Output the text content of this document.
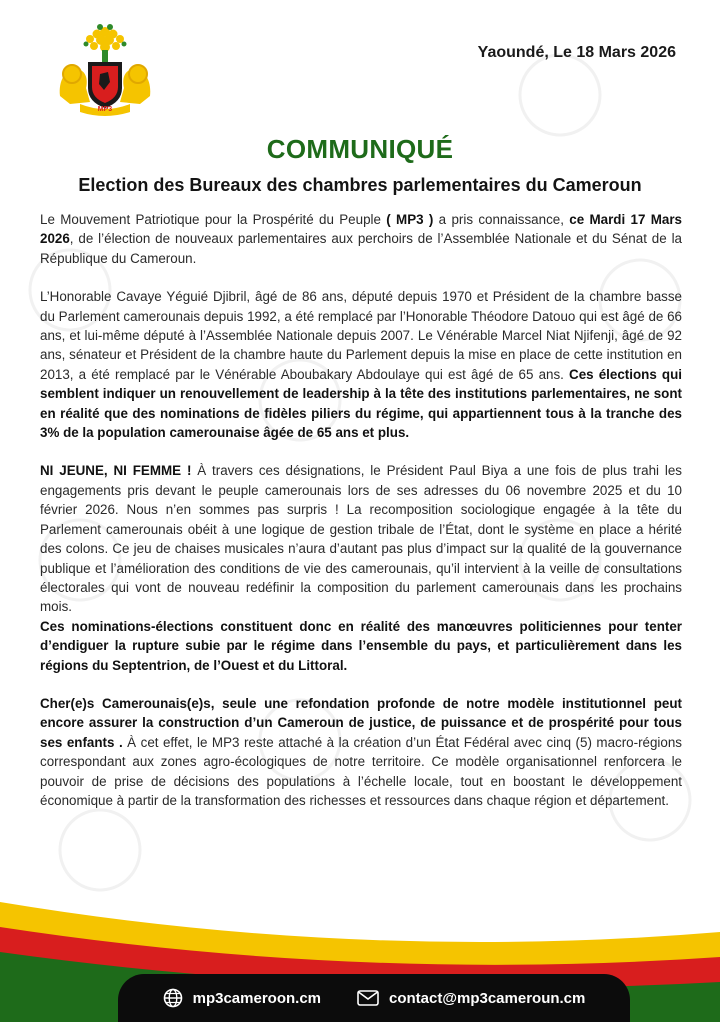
MP3
Yaoundé, Le 18 Mars 2026
COMMUNIQUÉ
Election des Bureaux des chambres parlementaires du Cameroun

Le Mouvement Patriotique pour la Prospérité du Peuple ( MP3 ) a pris connaissance, ce Mardi 17 Mars 2026, de l’élection de nouveaux parlementaires aux perchoirs de l’Assemblée Nationale et du Sénat de la République du Cameroun.

L’Honorable Cavaye Yéguié Djibril, âgé de 86 ans, député depuis 1970 et Président de la chambre basse du Parlement camerounais depuis 1992, a été remplacé par l’Honorable Théodore Datouo qui est âgé de 66 ans, et lui-même député à l’Assemblée Nationale depuis 2007. Le Vénérable Marcel Niat Njifenji, âgé de 92 ans, sénateur et Président de la chambre haute du Parlement depuis la mise en place de cette institution en 2013, a été remplacé par le Vénérable Aboubakary Abdoulaye qui est âgé de 65 ans. Ces élections qui semblent indiquer un renouvellement de leadership à la tête des institutions parlementaires, ne sont en réalité que des nominations de fidèles piliers du régime, qui appartiennent tous à la tranche des 3% de la population camerounaise âgée de 65 ans et plus.

NI JEUNE, NI FEMME ! À travers ces désignations, le Président Paul Biya a une fois de plus trahi les engagements pris devant le peuple camerounais lors de ses adresses du 06 novembre 2025 et du 10 février 2026. Nous n’en sommes pas surpris ! La recomposition sociologique engagée à la tête du Parlement camerounais obéit à une logique de gestion tribale de l’État, dont le système en place a hérité des colons. Ce jeu de chaises musicales n’aura d’autant pas plus d’impact sur la qualité de la gouvernance publique et l’amélioration des conditions de vie des camerounais, qu’il intervient à la veille de consultations électorales qui vont de nouveau redéfinir la composition du parlement camerounais dans les prochains mois.

Ces nominations-élections constituent donc en réalité des manœuvres politiciennes pour tenter d’endiguer la rupture subie par le régime dans l’ensemble du pays, et particulièrement dans les régions du Septentrion, de l’Ouest et du Littoral.

Cher(e)s Camerounais(e)s, seule une refondation profonde de notre modèle institutionnel peut encore assurer la construction d’un Cameroun de justice, de puissance et de prospérité pour tous ses enfants . À cet effet, le MP3 reste attaché à la création d’un État Fédéral avec cinq (5) macro-régions correspondant aux zones agro-écologiques de notre territoire. Ce modèle organisationnel renforcera le pouvoir de prise de décisions des populations à l’échelle locale, tout en boostant le développement économique à partir de la transformation des richesses et ressources dans chaque région et département.

mp3cameroon.cm	contact@mp3cameroun.cm
